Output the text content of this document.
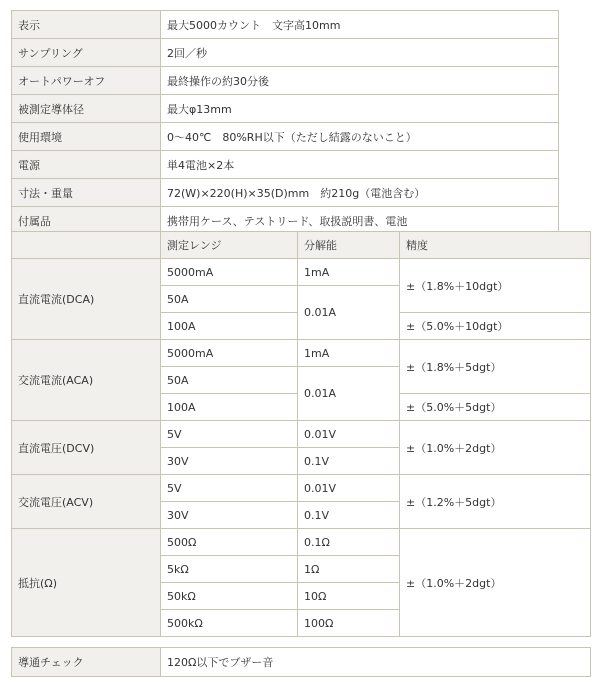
表示	最大5000カウント　文字高10mm
サンプリング	2回／秒
オートパワーオフ	最終操作の約30分後
被測定導体径	最大φ13mm
使用環境	0～40℃　80%RH以下（ただし結露のないこと）
電源	単4電池×2本
寸法・重量	72(W)×220(H)×35(D)mm　約210g（電池含む）
付属品	携帯用ケース、テストリード、取扱説明書、電池
	測定レンジ	分解能	精度
直流電流(DCA)	5000mA	1mA	±（1.8%＋10dgt）
	50A	0.01A	
	100A		±（5.0%＋10dgt）
交流電流(ACA)	5000mA	1mA	±（1.8%＋5dgt）
	50A	0.01A	
	100A		±（5.0%＋5dgt）
直流電圧(DCV)	5V	0.01V	±（1.0%＋2dgt）
	30V	0.1V	
交流電圧(ACV)	5V	0.01V	±（1.2%＋5dgt）
	30V	0.1V	
抵抗(Ω)	500Ω	0.1Ω	±（1.0%＋2dgt）
	5kΩ	1Ω	
	50kΩ	10Ω	
	500kΩ	100Ω	
導通チェック	120Ω以下でブザー音
